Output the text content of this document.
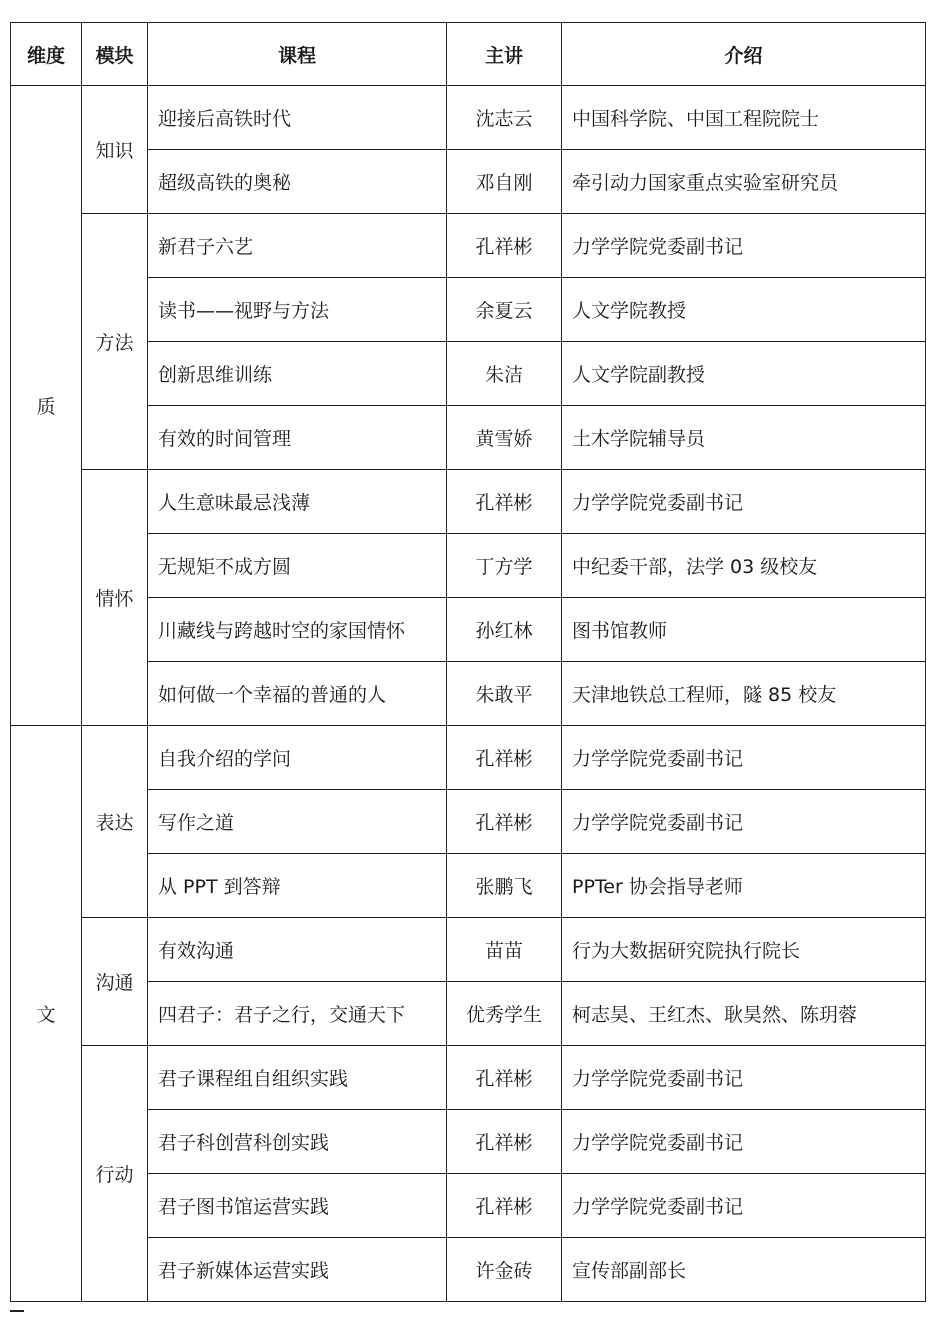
维度	模块	课程	主讲	介绍
质	知识	迎接后高铁时代	沈志云	中国科学院、中国工程院院士
		超级高铁的奥秘	邓自刚	牵引动力国家重点实验室研究员
	方法	新君子六艺	孔祥彬	力学学院党委副书记
		读书——视野与方法	余夏云	人文学院教授
		创新思维训练	朱洁	人文学院副教授
		有效的时间管理	黄雪娇	土木学院辅导员
	情怀	人生意味最忌浅薄	孔祥彬	力学学院党委副书记
		无规矩不成方圆	丁方学	中纪委干部，法学 03 级校友
		川藏线与跨越时空的家国情怀	孙红林	图书馆教师
		如何做一个幸福的普通的人	朱敢平	天津地铁总工程师，隧 85 校友
文	表达	自我介绍的学问	孔祥彬	力学学院党委副书记
		写作之道	孔祥彬	力学学院党委副书记
		从 PPT 到答辩	张鹏飞	PPTer 协会指导老师
	沟通	有效沟通	苗苗	行为大数据研究院执行院长
		四君子：君子之行，交通天下	优秀学生	柯志昊、王红杰、耿昊然、陈玥蓉
	行动	君子课程组自组织实践	孔祥彬	力学学院党委副书记
		君子科创营科创实践	孔祥彬	力学学院党委副书记
		君子图书馆运营实践	孔祥彬	力学学院党委副书记
		君子新媒体运营实践	许金砖	宣传部副部长
